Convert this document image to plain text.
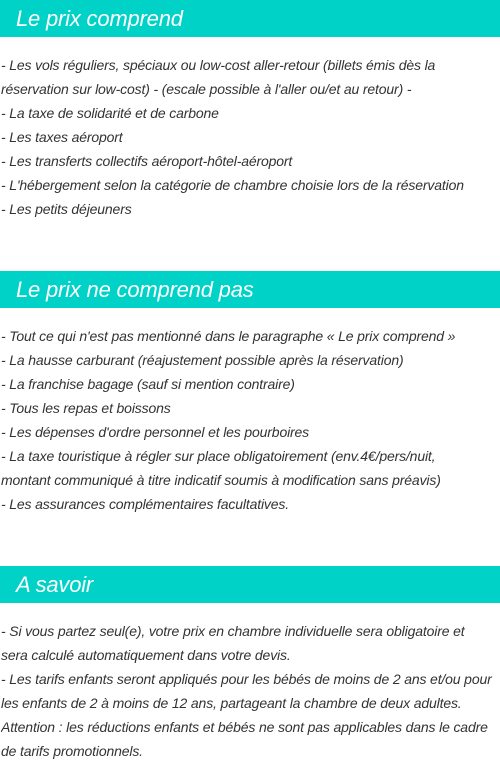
Le prix comprend
- Les vols réguliers, spéciaux ou low-cost aller-retour (billets émis dès la
réservation sur low-cost) - (escale possible à l'aller ou/et au retour) -
- La taxe de solidarité et de carbone
- Les taxes aéroport
- Les transferts collectifs aéroport-hôtel-aéroport
- L'hébergement selon la catégorie de chambre choisie lors de la réservation
- Les petits déjeuners
Le prix ne comprend pas
- Tout ce qui n'est pas mentionné dans le paragraphe « Le prix comprend »
- La hausse carburant (réajustement possible après la réservation)
- La franchise bagage (sauf si mention contraire)
- Tous les repas et boissons
- Les dépenses d'ordre personnel et les pourboires
- La taxe touristique à régler sur place obligatoirement (env.4€/pers/nuit,
montant communiqué à titre indicatif soumis à modification sans préavis)
- Les assurances complémentaires facultatives.
A savoir
- Si vous partez seul(e), votre prix en chambre individuelle sera obligatoire et
sera calculé automatiquement dans votre devis.
- Les tarifs enfants seront appliqués pour les bébés de moins de 2 ans et/ou pour
les enfants de 2 à moins de 12 ans, partageant la chambre de deux adultes.
Attention : les réductions enfants et bébés ne sont pas applicables dans le cadre
de tarifs promotionnels.
